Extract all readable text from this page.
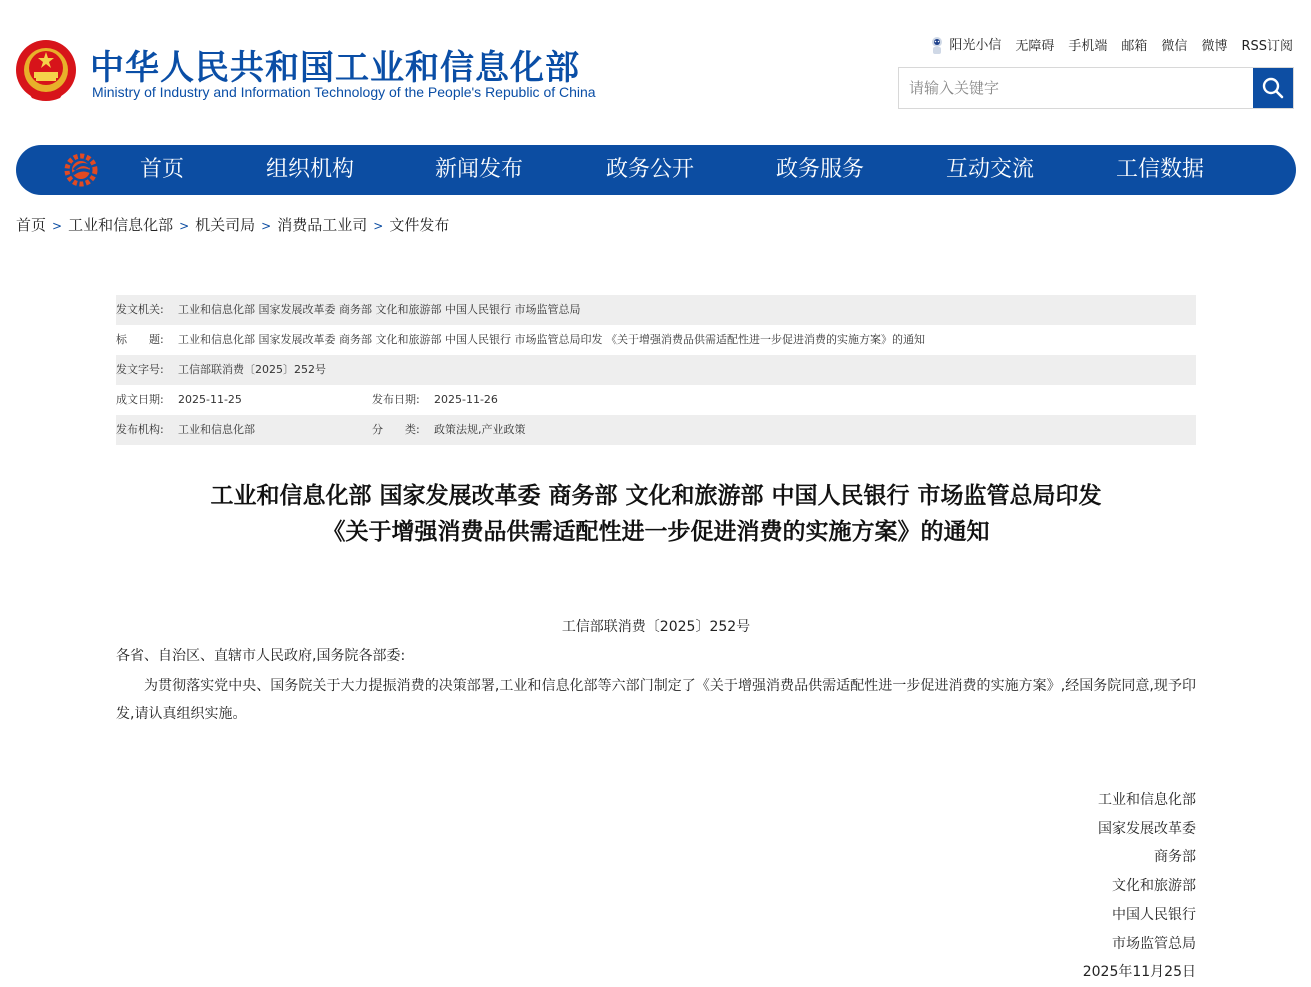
中华人民共和国工业和信息化部
Ministry of Industry and Information Technology of the People's Republic of China
阳光小信 无障碍 手机端 邮箱 微信 微博 RSS订阅
请输入关键字
首页	组织机构	新闻发布	政务公开	政务服务	互动交流	工信数据
首页 > 工业和信息化部 > 机关司局 > 消费品工业司 > 文件发布
发文机关: 工业和信息化部 国家发展改革委 商务部 文化和旅游部 中国人民银行 市场监管总局
标　　题: 工业和信息化部 国家发展改革委 商务部 文化和旅游部 中国人民银行 市场监管总局印发 《关于增强消费品供需适配性进一步促进消费的实施方案》的通知
发文字号: 工信部联消费〔2025〕252号
成文日期: 2025-11-25	发布日期: 2025-11-26
发布机构: 工业和信息化部	分　　类: 政策法规,产业政策
工业和信息化部 国家发展改革委 商务部 文化和旅游部 中国人民银行 市场监管总局印发
《关于增强消费品供需适配性进一步促进消费的实施方案》的通知
工信部联消费〔2025〕252号
各省、自治区、直辖市人民政府,国务院各部委:
为贯彻落实党中央、国务院关于大力提振消费的决策部署,工业和信息化部等六部门制定了《关于增强消费品供需适配性进一步促进消费的实施方案》,经国务院同意,现予印发,请认真组织实施。
工业和信息化部
国家发展改革委
商务部
文化和旅游部
中国人民银行
市场监管总局
2025年11月25日
